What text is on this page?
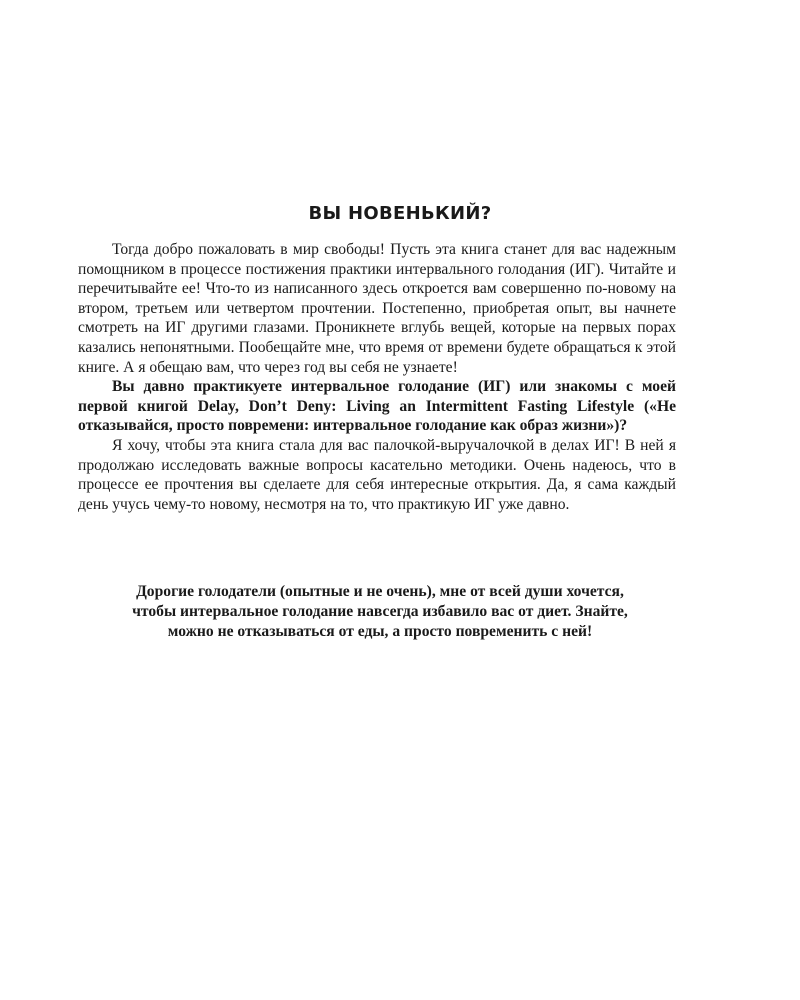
ВЫ НОВЕНЬКИЙ?

Тогда добро пожаловать в мир свободы! Пусть эта книга станет для вас надежным помощником в процессе постижения практики интервального голодания (ИГ). Читайте и перечитывайте ее! Что-то из написанного здесь откроется вам совершенно по-новому на втором, третьем или четвертом прочтении. Постепенно, приобретая опыт, вы начнете смотреть на ИГ другими глазами. Проникнете вглубь вещей, которые на первых порах казались непонятными. Пообещайте мне, что время от времени будете обращаться к этой книге. А я обещаю вам, что через год вы себя не узнаете!

Вы давно практикуете интервальное голодание (ИГ) или знакомы с моей первой книгой Delay, Don’t Deny: Living an Intermittent Fasting Lifestyle («Не отказывайся, просто повремени: интервальное голодание как образ жизни»)?

Я хочу, чтобы эта книга стала для вас палочкой-выручалочкой в делах ИГ! В ней я продолжаю исследовать важные вопросы касательно методики. Очень надеюсь, что в процессе ее прочтения вы сделаете для себя интересные открытия. Да, я сама каждый день учусь чему-то новому, несмотря на то, что практикую ИГ уже давно.

Дорогие голодатели (опытные и не очень), мне от всей души хочется,
чтобы интервальное голодание навсегда избавило вас от диет. Знайте,
можно не отказываться от еды, а просто повременить с ней!
